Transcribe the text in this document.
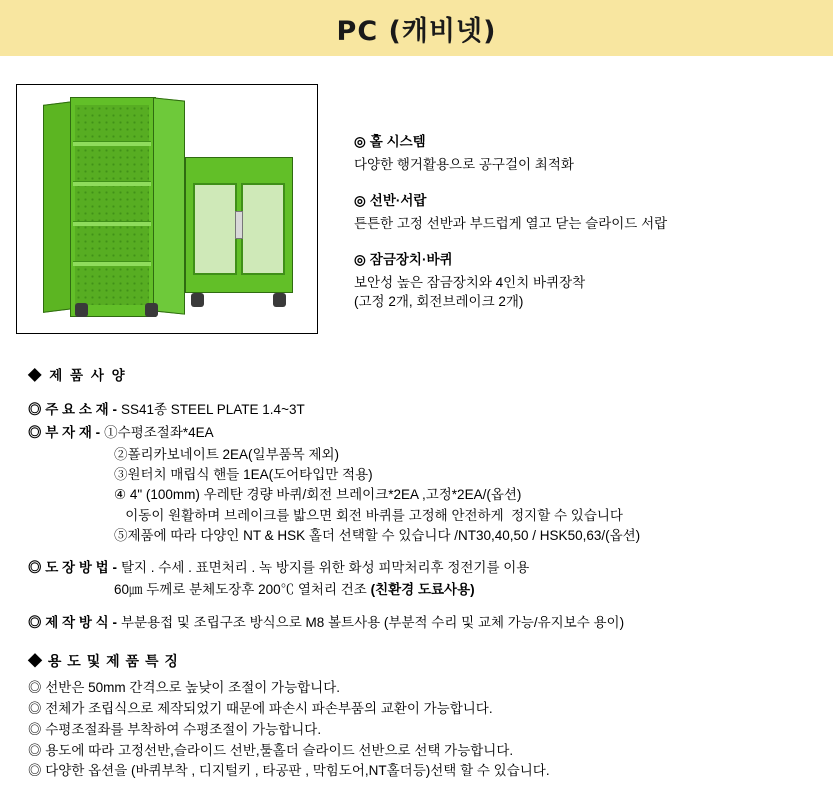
PC (캐비넷)
◎ 홀 시스템
다양한 행거활용으로 공구걸이 최적화
◎ 선반·서랍
튼튼한 고정 선반과 부드럽게 열고 닫는 슬라이드 서랍
◎ 잠금장치·바퀴
보안성 높은 잠금장치와 4인치 바퀴장착
(고정 2개, 회전브레이크 2개)
◆ 제 품 사 양
◎ 주 요 소 재 - SS41종 STEEL PLATE 1.4~3T
◎ 부 자 재 - ①수평조절좌*4EA
②폴리카보네이트 2EA(일부품목 제외)
③원터치 매립식 핸들 1EA(도어타입만 적용)
④ 4" (100mm) 우레탄 경량 바퀴/회전 브레이크*2EA ,고정*2EA/(옵션)
이동이 원활하며 브레이크를 밟으면 회전 바퀴를 고정해 안전하게  정지할 수 있습니다
⑤제품에 따라 다양인 NT & HSK 홀더 선택할 수 있습니다 /NT30,40,50 / HSK50,63/(옵션)
◎ 도 장 방 법 - 탈지 . 수세 . 표면처리 . 녹 방지를 위한 화성 피막처리후 정전기를 이용
60㎛ 두께로 분체도장후 200℃ 열처리 건조 (친환경 도료사용)
◎ 제 작 방 식 - 부분용접 및 조립구조 방식으로 M8 볼트사용 (부분적 수리 및 교체 가능/유지보수 용이)
◆ 용 도 및 제 품 특 징
◎ 선반은 50mm 간격으로 높낮이 조절이 가능합니다.
◎ 전체가 조립식으로 제작되었기 때문에 파손시 파손부품의 교환이 가능합니다.
◎ 수평조절좌를 부착하여 수평조절이 가능합니다.
◎ 용도에 따라 고정선반,슬라이드 선반,툴홀더 슬라이드 선반으로 선택 가능합니다.
◎ 다양한 옵션을 (바퀴부착 , 디지털키 , 타공판 , 막힘도어,NT홀더등)선택 할 수 있습니다.
